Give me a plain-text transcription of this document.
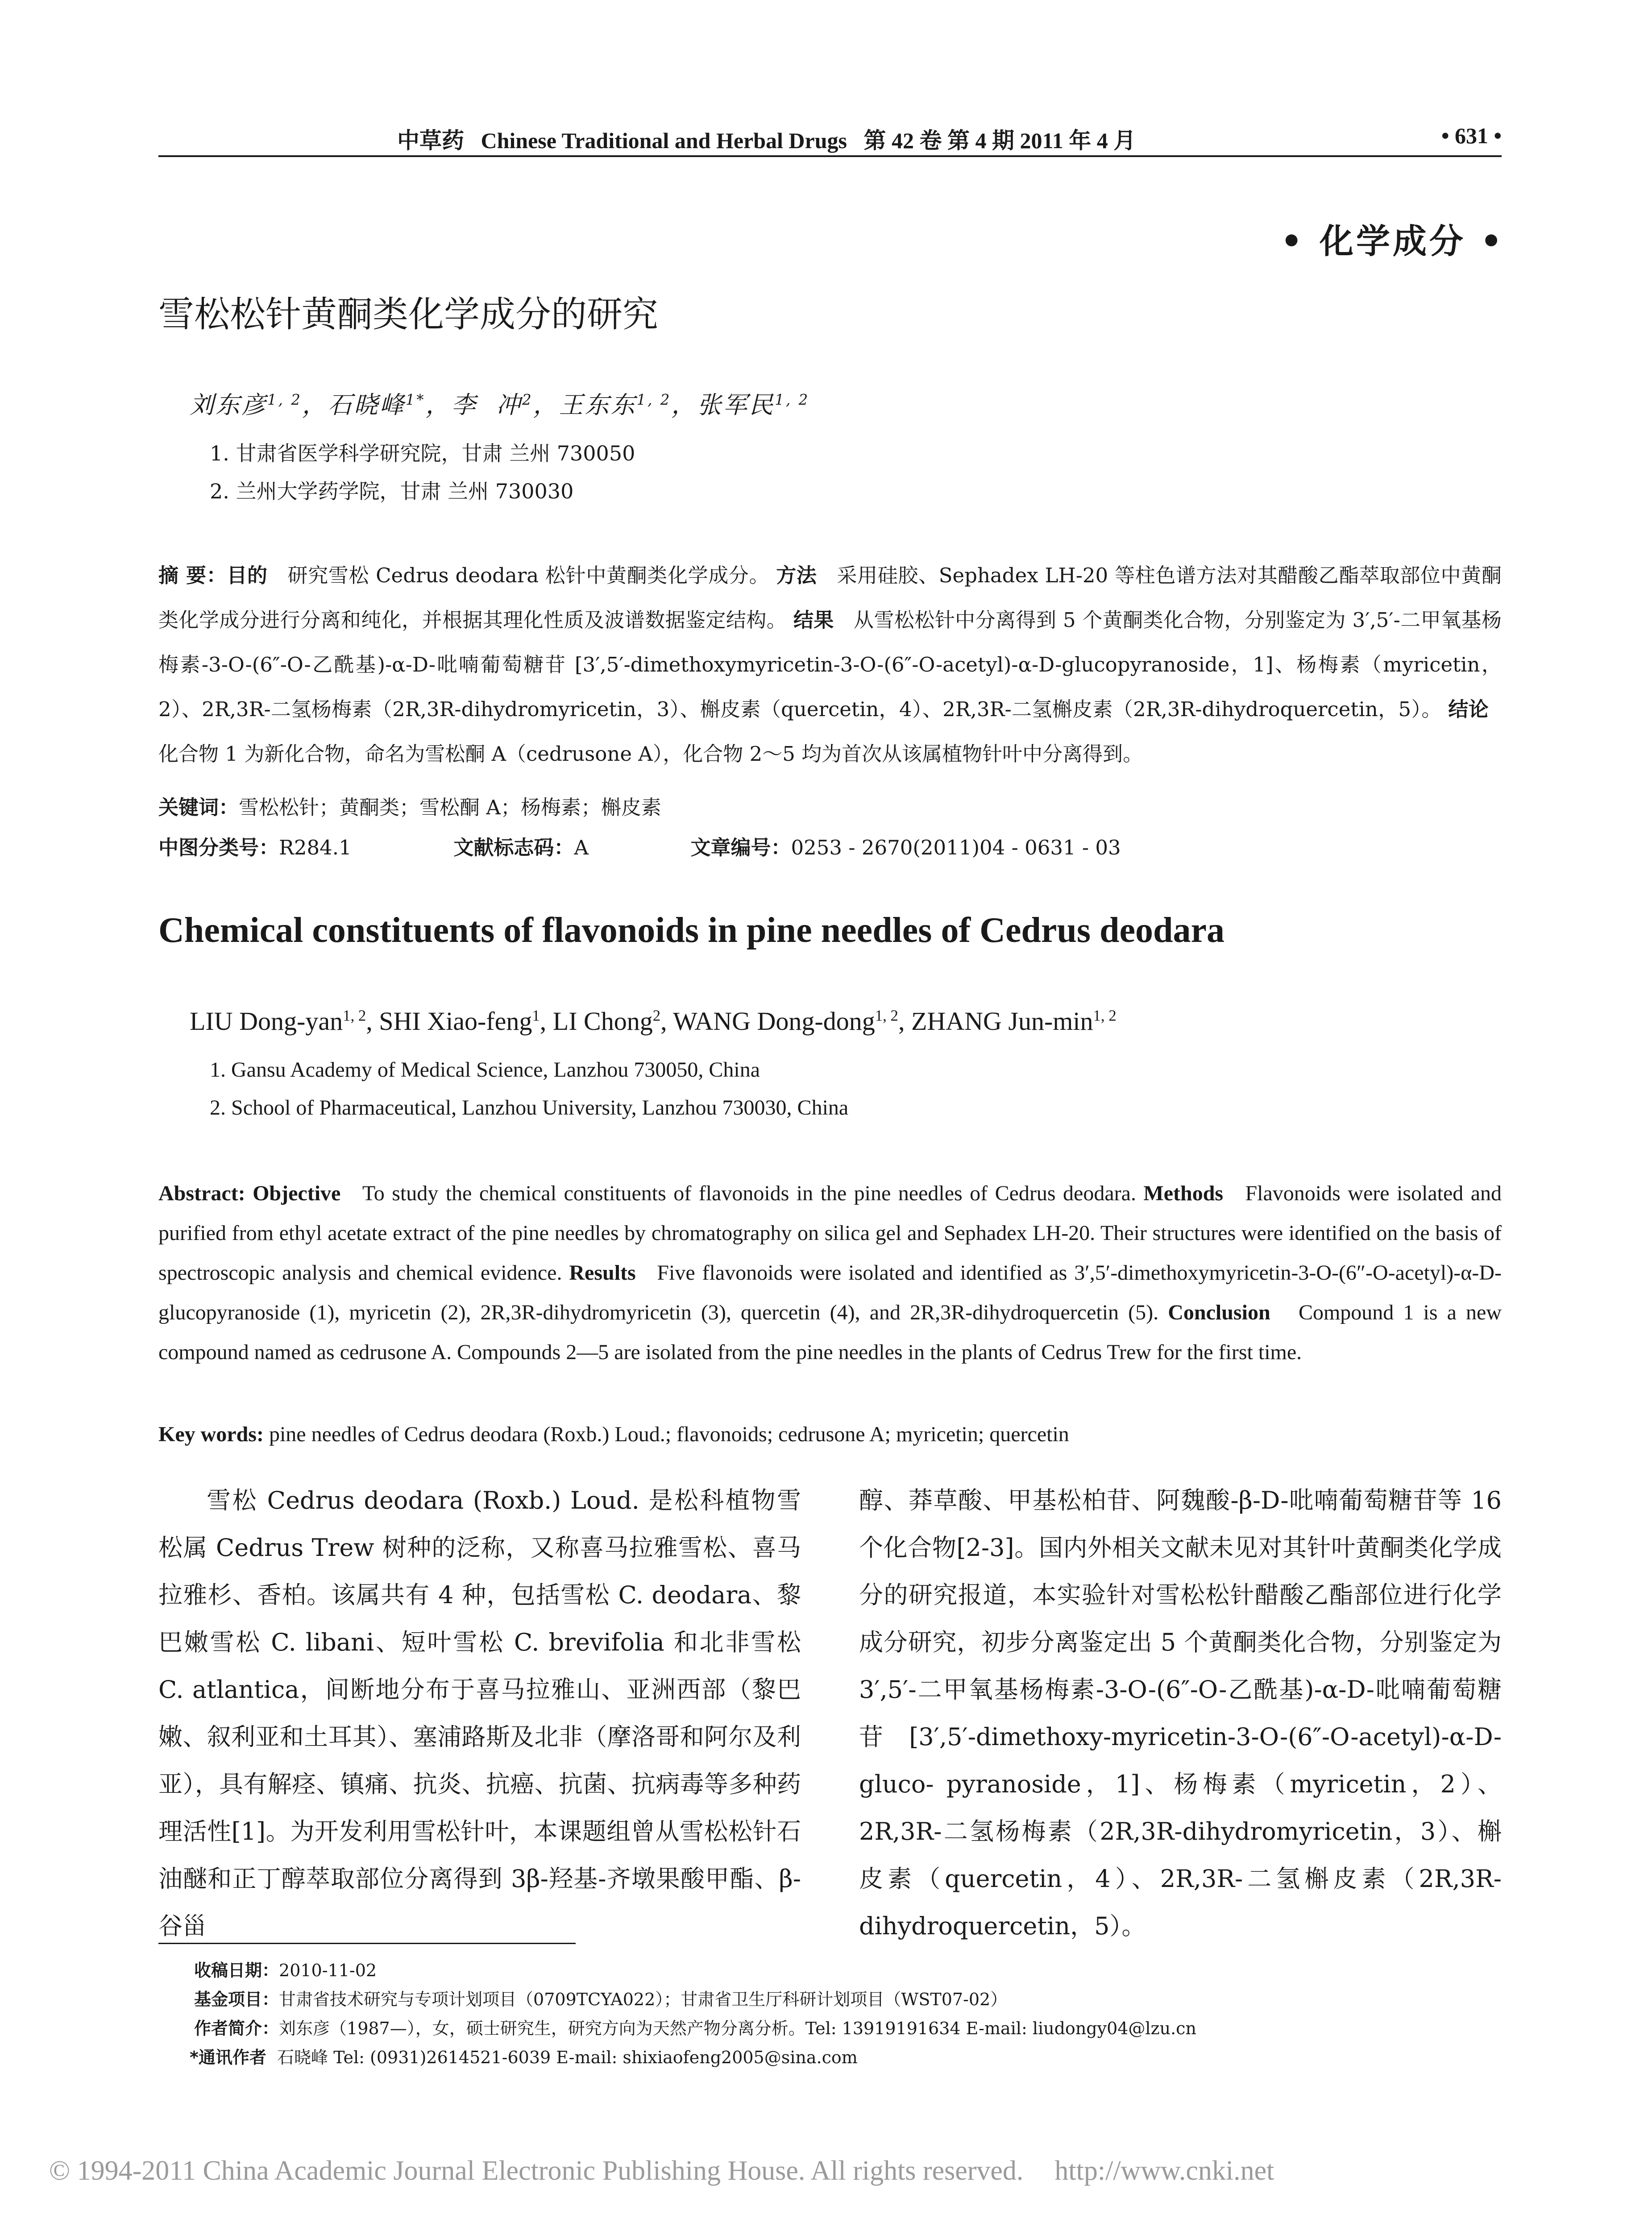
中草药 Chinese Traditional and Herbal Drugs 第 42 卷 第 4 期 2011 年 4 月	• 631 •
• 化学成分 •
雪松松针黄酮类化学成分的研究
刘东彦$^{1, 2}$，石晓峰$^{1*}$，李  冲$^2$，王东东$^{1, 2}$，张军民$^{1, 2}$
1. 甘肃省医学科学研究院，甘肃 兰州 730050
2. 兰州大学药学院，甘肃 兰州 730030
摘 要：目的 研究雪松 Cedrus deodara 松针中黄酮类化学成分。 方法 采用硅胶、Sephadex LH-20 等柱色谱方法对其醋酸乙酯萃取部位中黄酮类化学成分进行分离和纯化，并根据其理化性质及波谱数据鉴定结构。 结果 从雪松松针中分离得到 5 个黄酮类化合物，分别鉴定为 3′,5′-二甲氧基杨梅素-3-O-(6″-O-乙酰基)-α-D-吡喃葡萄糖苷 [3′,5′-dimethoxymyricetin-3-O-(6″-O-acetyl)-α-D-glucopyranoside，1]、杨梅素（myricetin，2）、2R,3R-二氢杨梅素（2R,3R-dihydromyricetin，3）、槲皮素（quercetin，4）、2R,3R-二氢槲皮素（2R,3R-dihydroquercetin，5）。 结论   化合物 1 为新化合物，命名为雪松酮 A（cedrusone A），化合物 2～5 均为首次从该属植物针叶中分离得到。
关键词：雪松松针；黄酮类；雪松酮 A；杨梅素；槲皮素
中图分类号：R284.1	文献标志码：A	文章编号：0253 - 2670(2011)04 - 0631 - 03
Chemical constituents of flavonoids in pine needles of Cedrus deodara
LIU Dong-yan$^{1, 2}$, SHI Xiao-feng$^1$, LI Chong$^2$, WANG Dong-dong$^{1, 2}$, ZHANG Jun-$\min^{1, 2}$
1. Gansu Academy of Medical Science, Lanzhou 730050, China
2. School of Pharmaceutical, Lanzhou University, Lanzhou 730030, China
Abstract: Objective To study the chemical constituents of flavonoids in the pine needles of Cedrus deodara. Methods Flavonoids were isolated and purified from ethyl acetate extract of the pine needles by chromatography on silica gel and Sephadex LH-20. Their structures were identified on the basis of spectroscopic analysis and chemical evidence. Results Five flavonoids were isolated and identified as 3′,5′-dimethoxymyricetin-3-O-(6″-O-acetyl)-α-D-glucopyranoside (1), myricetin (2), 2R,3R-dihydromyricetin (3), quercetin (4), and 2R,3R-dihydroquercetin (5). Conclusion Compound 1 is a new compound named as cedrusone A. Compounds 2—5 are isolated from the pine needles in the plants of Cedrus Trew for the first time.
Key words: pine needles of Cedrus deodara (Roxb.) Loud.; flavonoids; cedrusone A; myricetin; quercetin

雪松 Cedrus deodara (Roxb.) Loud. 是松科植物雪松属 Cedrus Trew 树种的泛称，又称喜马拉雅雪松、喜马拉雅杉、香柏。该属共有 4 种，包括雪松 C. deodara、黎巴嫩雪松 C. libani、短叶雪松 C. brevifolia 和北非雪松 C. atlantica，间断地分布于喜马拉雅山、亚洲西部（黎巴嫩、叙利亚和土耳其）、塞浦路斯及北非（摩洛哥和阿尔及利亚），具有解痉、镇痛、抗炎、抗癌、抗菌、抗病毒等多种药理活性[1]。为开发利用雪松针叶，本课题组曾从雪松松针石油醚和正丁醇萃取部位分离得到 3β-羟基-齐墩果酸甲酯、β-谷甾

醇、莽草酸、甲基松柏苷、阿魏酸-β-D-吡喃葡萄糖苷等 16 个化合物[2-3]。国内外相关文献未见对其针叶黄酮类化学成分的研究报道，本实验针对雪松松针醋酸乙酯部位进行化学成分研究，初步分离鉴定出 5 个黄酮类化合物，分别鉴定为 3′,5′-二甲氧基杨梅素-3-O-(6″-O-乙酰基)-α-D-吡喃葡萄糖苷 [3′,5′-dimethoxy-myricetin-3-O-(6″-O-acetyl)-α-D-gluco- pyranoside，1]、杨梅素（myricetin，2）、2R,3R-二氢杨梅素（2R,3R-dihydromyricetin，3）、槲皮素（quercetin，4）、2R,3R-二氢槲皮素（2R,3R-dihydroquercetin，5）。

收稿日期：2010-11-02
基金项目：甘肃省技术研究与专项计划项目（0709TCYA022）；甘肃省卫生厅科研计划项目（WST07-02）
作者简介：刘东彦（1987—），女，硕士研究生，研究方向为天然产物分离分析。Tel: 13919191634 E-mail: liudongy04@lzu.cn
*通讯作者 石晓峰 Tel: (0931)2614521-6039 E-mail: shixiaofeng2005@sina.com
© 1994-2011 China Academic Journal Electronic Publishing House. All rights reserved. http://www.cnki.net
